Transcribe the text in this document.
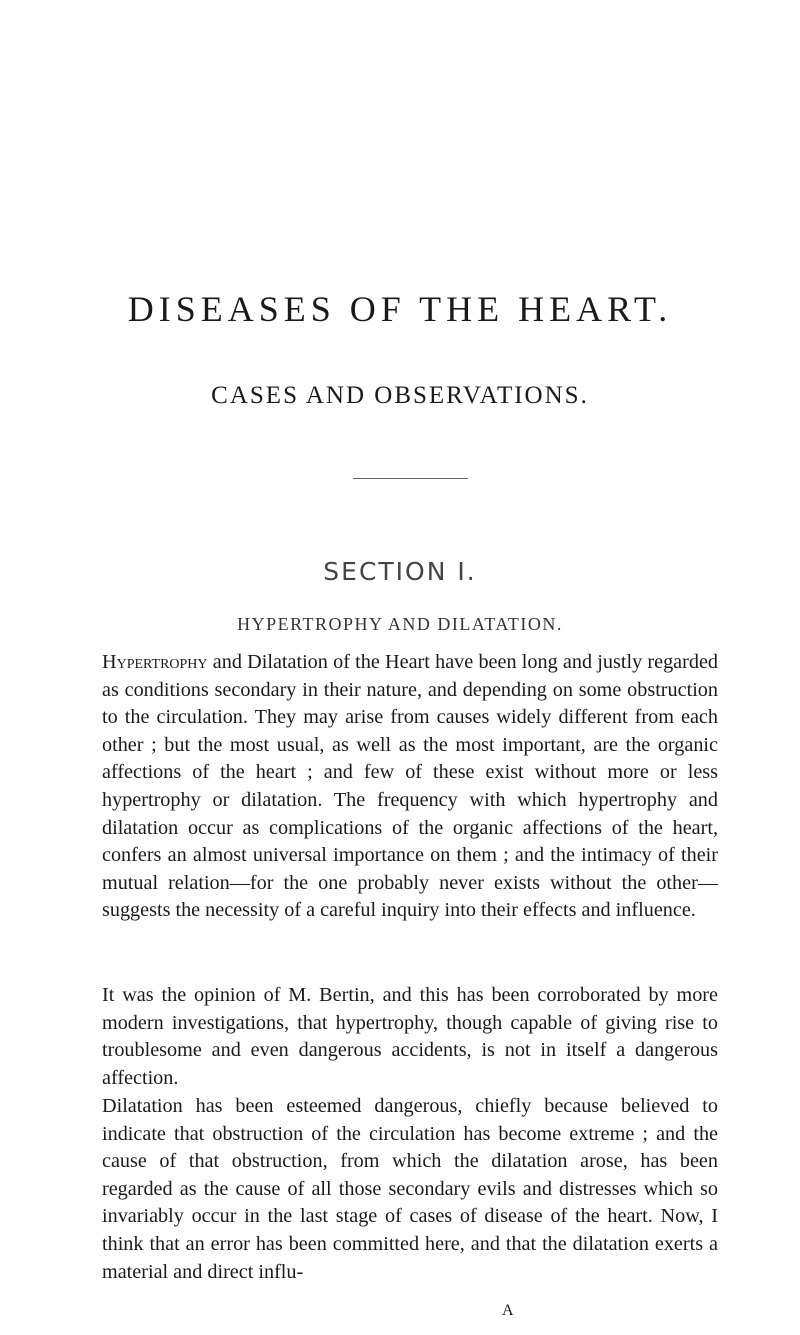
DISEASES OF THE HEART.
CASES AND OBSERVATIONS.
SECTION I.
HYPERTROPHY AND DILATATION.

Hypertrophy and Dilatation of the Heart have been long and justly regarded as conditions secondary in their nature, and depending on some obstruction to the circulation. They may arise from causes widely different from each other ; but the most usual, as well as the most important, are the organic affections of the heart ; and few of these exist without more or less hypertrophy or dilatation. The frequency with which hypertrophy and dilatation occur as complications of the organic affections of the heart, confers an almost universal importance on them ; and the intimacy of their mutual relation—for the one probably never exists without the other— suggests the necessity of a careful inquiry into their effects and influence.

It was the opinion of M. Bertin, and this has been corroborated by more modern investigations, that hypertrophy, though capable of giving rise to troublesome and even dangerous accidents, is not in itself a dangerous affection.

Dilatation has been esteemed dangerous, chiefly because believed to indicate that obstruction of the circulation has become extreme ; and the cause of that obstruction, from which the dilatation arose, has been regarded as the cause of all those secondary evils and distresses which so invariably occur in the last stage of cases of disease of the heart. Now, I think that an error has been committed here, and that the dilatation exerts a material and direct influ-

A
